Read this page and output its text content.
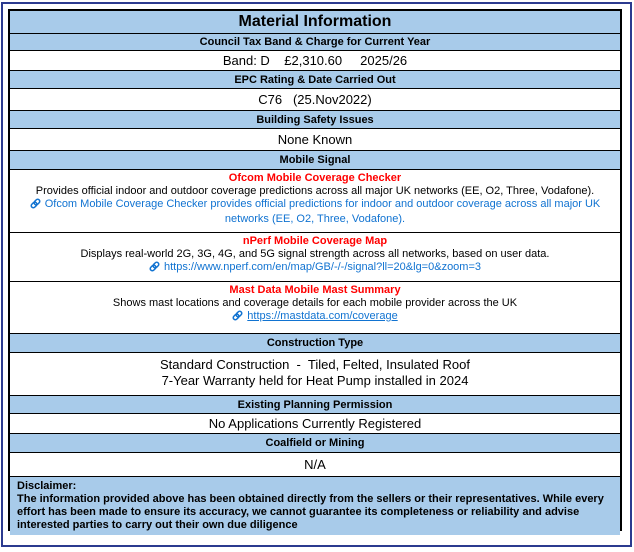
Material Information
Council Tax Band & Charge for Current Year
Band: D    £2,310.60     2025/26
EPC Rating & Date Carried Out
C76   (25.Nov2022)
Building Safety Issues
None Known
Mobile Signal
Ofcom Mobile Coverage Checker
Provides official indoor and outdoor coverage predictions across all major UK networks (EE, O2, Three, Vodafone).
Ofcom Mobile Coverage Checker provides official predictions for indoor and outdoor coverage across all major UK networks (EE, O2, Three, Vodafone).
nPerf Mobile Coverage Map
Displays real-world 2G, 3G, 4G, and 5G signal strength across all networks, based on user data.
https://www.nperf.com/en/map/GB/-/-/signal?ll=20&lg=0&zoom=3
Mast Data Mobile Mast Summary
Shows mast locations and coverage details for each mobile provider across the UK
https://mastdata.com/coverage
Construction Type
Standard Construction  -  Tiled, Felted, Insulated Roof
7-Year Warranty held for Heat Pump installed in 2024
Existing Planning Permission
No Applications Currently Registered
Coalfield or Mining
N/A
Disclaimer:
The information provided above has been obtained directly from the sellers or their representatives. While every effort has been made to ensure its accuracy, we cannot guarantee its completeness or reliability and advise interested parties to carry out their own due diligence
